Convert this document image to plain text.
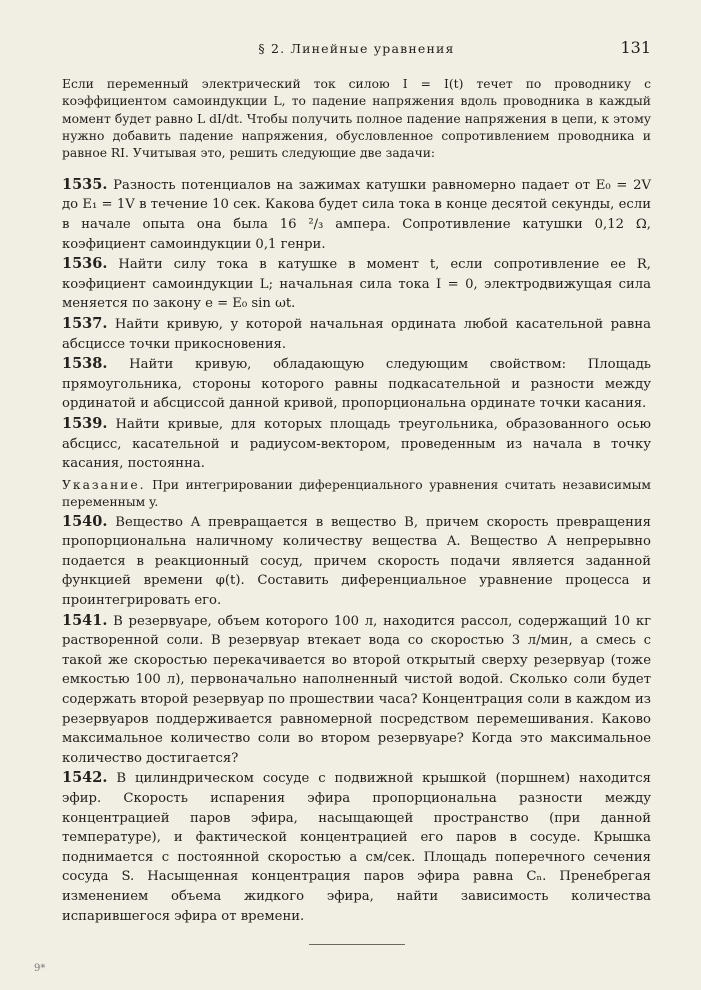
§ 2. Линейные уравнения	131

Если переменный электрический ток силою I = I(t) течет по проводнику с коэффициентом самоиндукции L, то падение напряжения вдоль проводника в каждый момент будет равно L dI/dt. Чтобы получить полное падение напряжения в цепи, к этому нужно добавить падение напряжения, обусловленное сопротивлением проводника и равное RI. Учитывая это, решить следующие две задачи:

1535. Разность потенциалов на зажимах катушки равномерно падает от E₀ = 2V до E₁ = 1V в течение 10 сек. Какова будет сила тока в конце десятой секунды, если в начале опыта она была 16 ²/₃ ампера. Сопротивление катушки 0,12 Ω, коэфициент самоиндукции 0,1 генри.

1536. Найти силу тока в катушке в момент t, если сопротивление ее R, коэфициент самоиндукции L; начальная сила тока I = 0, электродвижущая сила меняется по закону e = E₀ sin ωt.

1537. Найти кривую, у которой начальная ордината любой касательной равна абсциссе точки прикосновения.

1538. Найти кривую, обладающую следующим свойством: Площадь прямоугольника, стороны которого равны подкасательной и разности между ординатой и абсциссой данной кривой, пропорциональна ординате точки касания.

1539. Найти кривые, для которых площадь треугольника, образованного осью абсцисс, касательной и радиусом-вектором, проведенным из начала в точку касания, постоянна.

Указание. При интегрировании диференциального уравнения считать независимым переменным y.

1540. Вещество A превращается в вещество B, причем скорость превращения пропорциональна наличному количеству вещества A. Вещество A непрерывно подается в реакционный сосуд, причем скорость подачи является заданной функцией времени φ(t). Составить диференциальное уравнение процесса и проинтегрировать его.

1541. В резервуаре, объем которого 100 л, находится рассол, содержащий 10 кг растворенной соли. В резервуар втекает вода со скоростью 3 л/мин, а смесь с такой же скоростью перекачивается во второй открытый сверху резервуар (тоже емкостью 100 л), первоначально наполненный чистой водой. Сколько соли будет содержать второй резервуар по прошествии часа? Концентрация соли в каждом из резервуаров поддерживается равномерной посредством перемешивания. Каково максимальное количество соли во втором резервуаре? Когда это максимальное количество достигается?

1542. В цилиндрическом сосуде с подвижной крышкой (поршнем) находится эфир. Скорость испарения эфира пропорциональна разности между концентрацией паров эфира, насыщающей пространство (при данной температуре), и фактической концентрацией его паров в сосуде. Крышка поднимается с постоянной скоростью a см/сек. Площадь поперечного сечения сосуда S. Насыщенная концентрация паров эфира равна Cₙ. Пренебрегая изменением объема жидкого эфира, найти зависимость количества испарившегося эфира от времени.

9*
